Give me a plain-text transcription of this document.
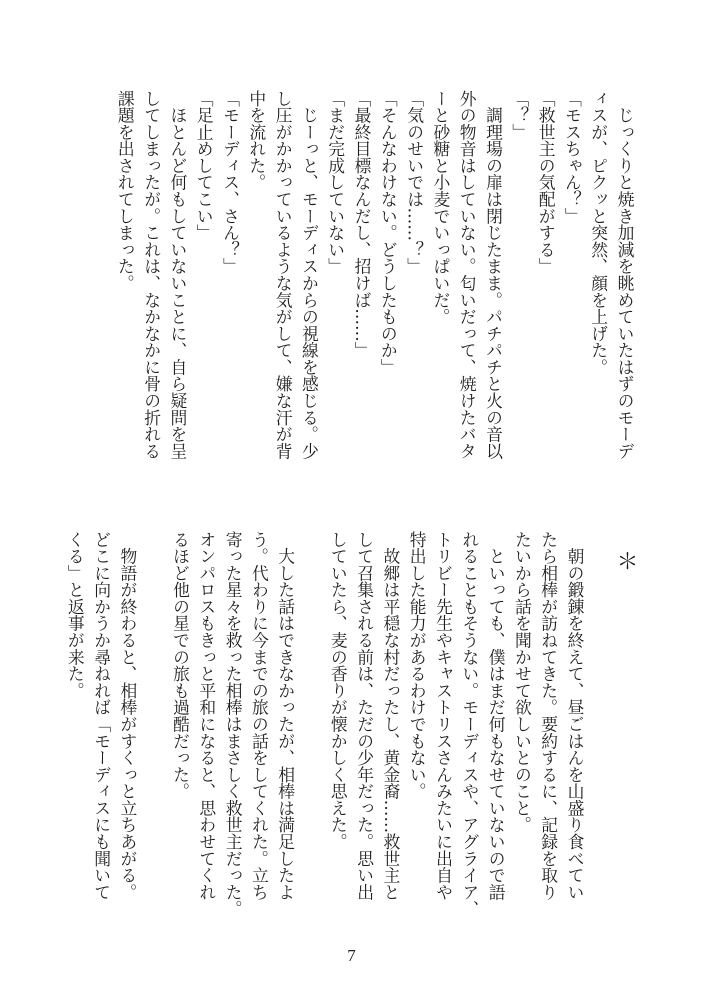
　じっくりと焼き加減を眺めていたはずのモーデ
ィスが、ピクッと突然、顔を上げた。
「モスちゃん？」
「救世主の気配がする」
「？」
　調理場の扉は閉じたまま。パチパチと火の音以
外の物音はしていない。匂いだって、焼けたバタ
ーと砂糖と小麦でいっぱいだ。
「気のせいでは……？」
「そんなわけない。どうしたものか」
「最終目標なんだし、招けば……」
「まだ完成していない」
　じーっと、モーディスからの視線を感じる。少
し圧がかかっているような気がして、嫌な汗が背
中を流れた。
「モーディス、さん？」
「足止めしてこい」
　ほとんど何もしていないことに、自ら疑問を呈
してしまったが。これは、なかなかに骨の折れる
課題を出されてしまった。
＊
　朝の鍛錬を終えて、昼ごはんを山盛り食べてい
たら相棒が訪ねてきた。要約するに、記録を取り
たいから話を聞かせて欲しいとのこと。
　といっても、僕はまだ何もなせていないので語
れることもそうない。モーディスや、アグライア、
トリビー先生やキャストリスさんみたいに出自や
特出した能力があるわけでもない。
　故郷は平穏な村だったし、黄金裔……救世主と
して召集される前は、ただの少年だった。思い出
していたら、麦の香りが懐かしく思えた。
　大した話はできなかったが、相棒は満足したよ
う。代わりに今までの旅の話をしてくれた。立ち
寄った星々を救った相棒はまさしく救世主だった。
オンパロスもきっと平和になると、思わせてくれ
るほど他の星での旅も過酷だった。
　物語が終わると、相棒がすくっと立ちあがる。
どこに向かうか尋ねれば「モーディスにも聞いて
くる」と返事が来た。
7
